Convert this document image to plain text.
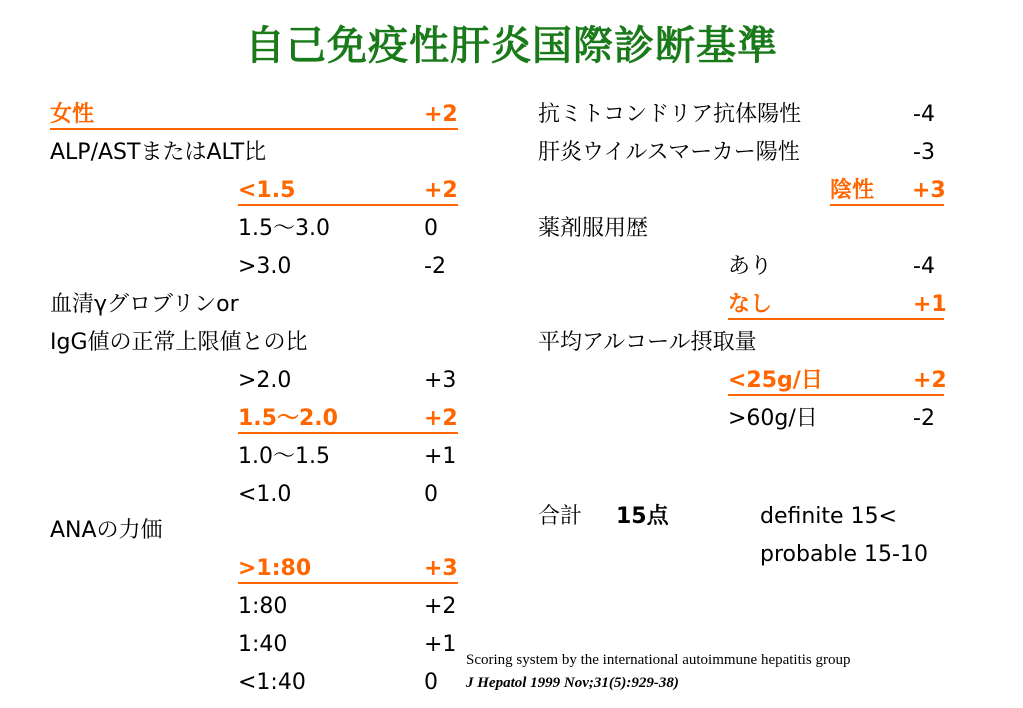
自己免疫性肝炎国際診断基準
女性	+2
ALP/ASTまたはALT比
<1.5	+2
1.5～3.0	0
>3.0	-2
血清γグロブリンor
IgG値の正常上限値との比
>2.0	+3
1.5～2.0	+2
1.0～1.5	+1
<1.0	0
ANAの力価
>1:80	+3
1:80	+2
1:40	+1
<1:40	0
抗ミトコンドリア抗体陽性	-4
肝炎ウイルスマーカー陽性	-3
陰性 +3
薬剤服用歴
あり	-4
なし	+1
平均アルコール摂取量
<25g/日	+2
>60g/日	-2
合計 15点	definite 15<
probable 15-10
Scoring system by the international autoimmune hepatitis group
J Hepatol 1999 Nov;31(5):929-38)
